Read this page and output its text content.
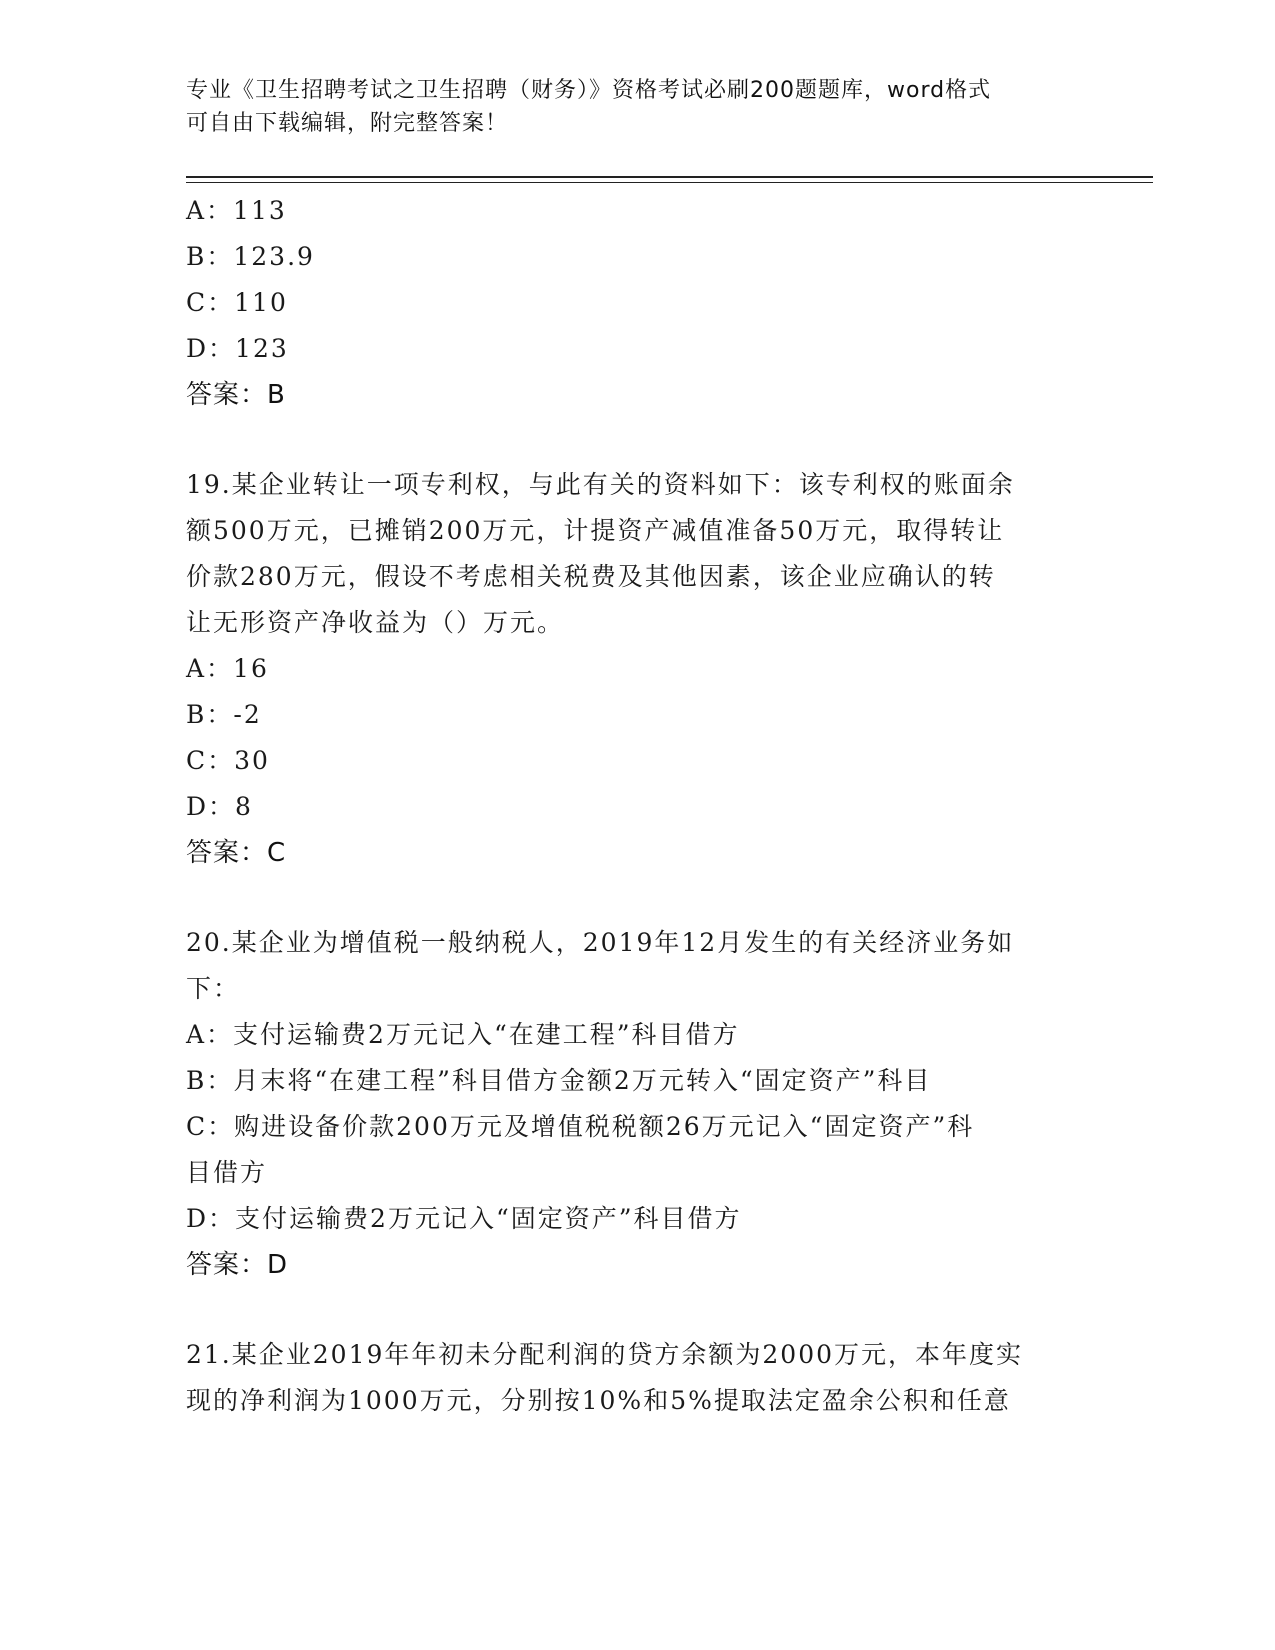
专业《卫生招聘考试之卫生招聘（财务）》资格考试必刷200题题库，word格式
可自由下载编辑，附完整答案！

A：113

B：123.9

C：110

D：123

答案：B

19.某企业转让一项专利权，与此有关的资料如下：该专利权的账面余

额500万元，已摊销200万元，计提资产减值准备50万元，取得转让

价款280万元，假设不考虑相关税费及其他因素，该企业应确认的转

让无形资产净收益为（）万元。

A：16

B：-2

C：30

D：8

答案：C

20.某企业为增值税一般纳税人，2019年12月发生的有关经济业务如

下：

A：支付运输费2万元记入“在建工程”科目借方

B：月末将“在建工程”科目借方金额2万元转入“固定资产”科目

C：购进设备价款200万元及增值税税额26万元记入“固定资产”科

目借方

D：支付运输费2万元记入“固定资产”科目借方

答案：D

21.某企业2019年年初未分配利润的贷方余额为2000万元，本年度实

现的净利润为1000万元，分别按10%和5%提取法定盈余公积和任意
